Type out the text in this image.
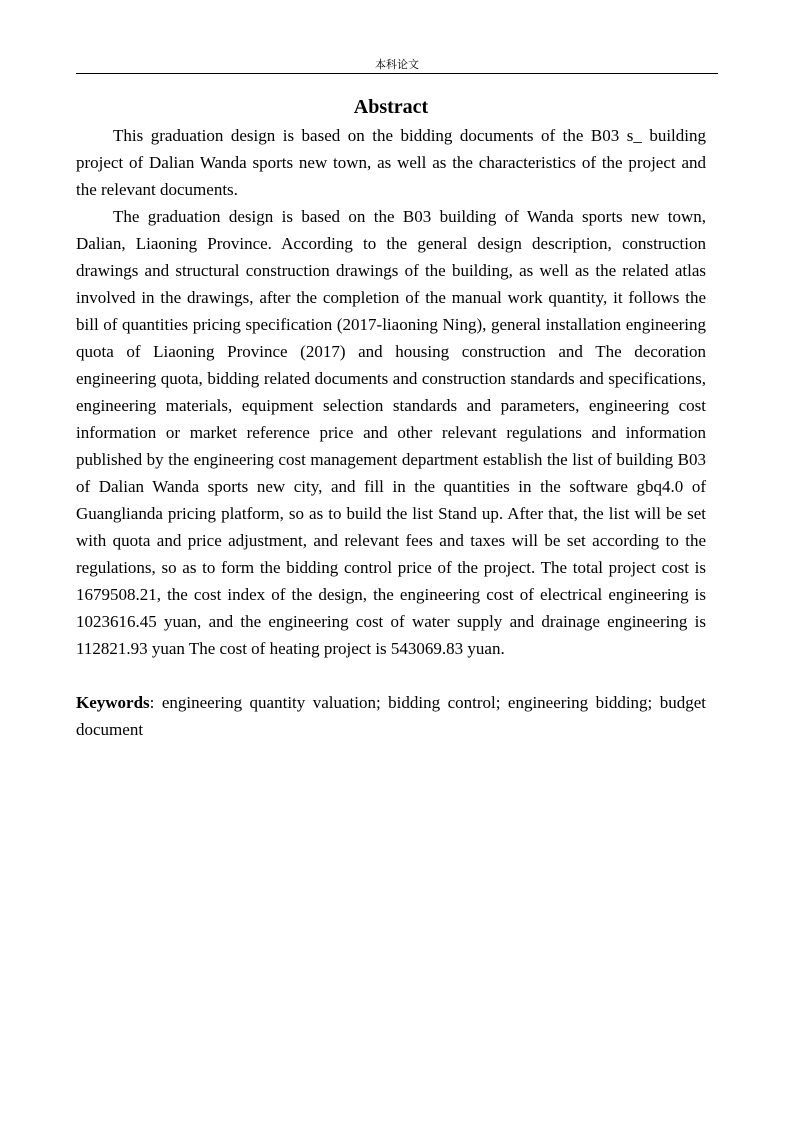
本科论文
Abstract

This graduation design is based on the bidding documents of the B03 s_ building project of Dalian Wanda sports new town, as well as the characteristics of the project and the relevant documents.

The graduation design is based on the B03 building of Wanda sports new town, Dalian, Liaoning Province. According to the general design description, construction drawings and structural construction drawings of the building, as well as the related atlas involved in the drawings, after the completion of the manual work quantity, it follows the bill of quantities pricing specification (2017-liaoning Ning), general installation engineering quota of Liaoning Province (2017) and housing construction and The decoration engineering quota, bidding related documents and construction standards and specifications, engineering materials, equipment selection standards and parameters, engineering cost information or market reference price and other relevant regulations and information published by the engineering cost management department establish the list of building B03 of Dalian Wanda sports new city, and fill in the quantities in the software gbq4.0 of Guanglianda pricing platform, so as to build the list Stand up. After that, the list will be set with quota and price adjustment, and relevant fees and taxes will be set according to the regulations, so as to form the bidding control price of the project. The total project cost is 1679508.21, the cost index of the design, the engineering cost of electrical engineering is 1023616.45 yuan, and the engineering cost of water supply and drainage engineering is 112821.93 yuan The cost of heating project is 543069.83 yuan.

Keywords: engineering quantity valuation; bidding control; engineering bidding; budget document
